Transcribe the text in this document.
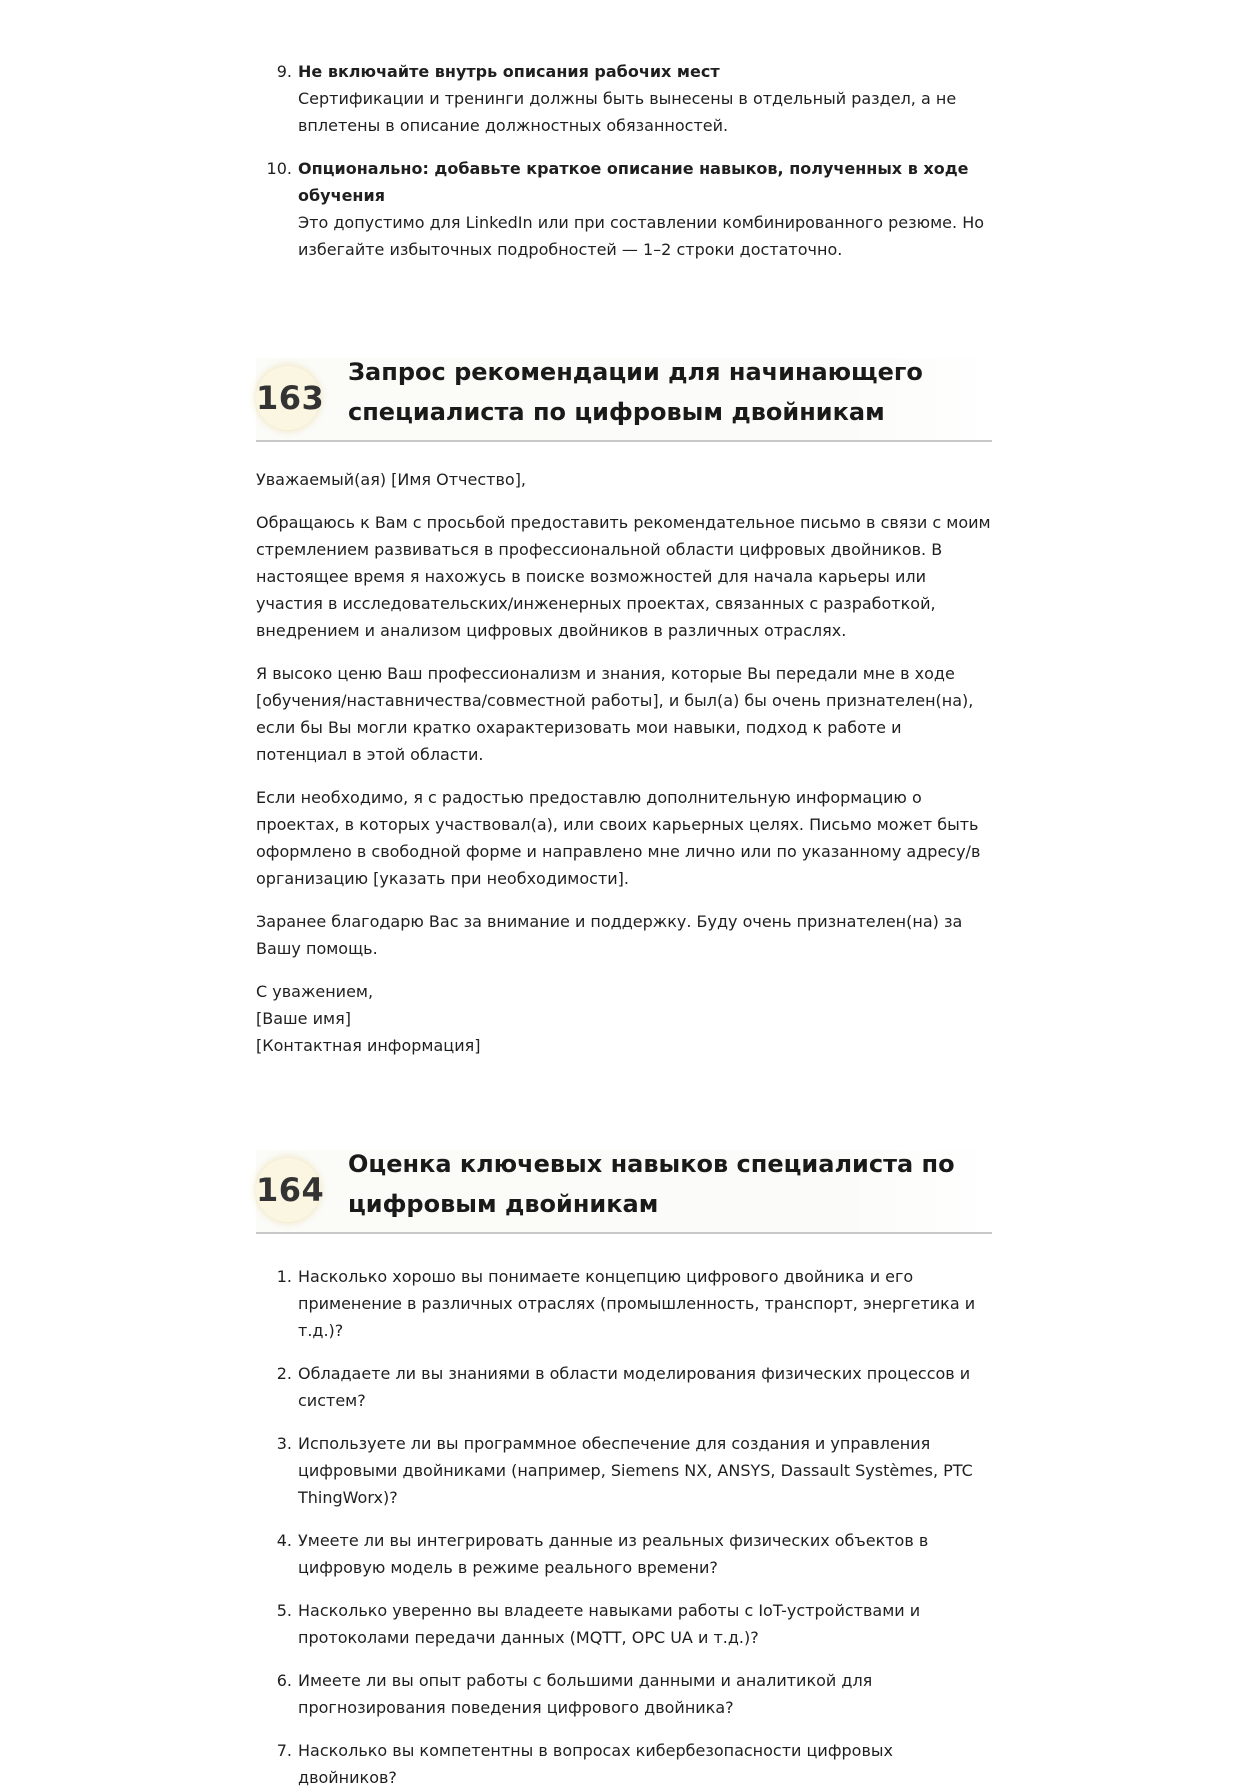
9. Не включайте внутрь описания рабочих мест
Сертификации и тренинги должны быть вынесены в отдельный раздел, а не вплетены в описание должностных обязанностей.
10. Опционально: добавьте краткое описание навыков, полученных в ходе обучения
Это допустимо для LinkedIn или при составлении комбинированного резюме. Но избегайте избыточных подробностей — 1–2 строки достаточно.
163
Запрос рекомендации для начинающего специалиста по цифровым двойникам

Уважаемый(ая) [Имя Отчество],

Обращаюсь к Вам с просьбой предоставить рекомендательное письмо в связи с моим стремлением развиваться в профессиональной области цифровых двойников. В настоящее время я нахожусь в поиске возможностей для начала карьеры или участия в исследовательских/инженерных проектах, связанных с разработкой, внедрением и анализом цифровых двойников в различных отраслях.

Я высоко ценю Ваш профессионализм и знания, которые Вы передали мне в ходе [обучения/наставничества/совместной работы], и был(а) бы очень признателен(на), если бы Вы могли кратко охарактеризовать мои навыки, подход к работе и потенциал в этой области.

Если необходимо, я с радостью предоставлю дополнительную информацию о проектах, в которых участвовал(а), или своих карьерных целях. Письмо может быть оформлено в свободной форме и направлено мне лично или по указанному адресу/в организацию [указать при необходимости].

Заранее благодарю Вас за внимание и поддержку. Буду очень признателен(на) за Вашу помощь.

С уважением,
[Ваше имя]
[Контактная информация]
164
Оценка ключевых навыков специалиста по цифровым двойникам
1. Насколько хорошо вы понимаете концепцию цифрового двойника и его применение в различных отраслях (промышленность, транспорт, энергетика и т.д.)?
2. Обладаете ли вы знаниями в области моделирования физических процессов и систем?
3. Используете ли вы программное обеспечение для создания и управления цифровыми двойниками (например, Siemens NX, ANSYS, Dassault Systèmes, PTC ThingWorx)?
4. Умеете ли вы интегрировать данные из реальных физических объектов в цифровую модель в режиме реального времени?
5. Насколько уверенно вы владеете навыками работы с IoT-устройствами и протоколами передачи данных (MQTT, OPC UA и т.д.)?
6. Имеете ли вы опыт работы с большими данными и аналитикой для прогнозирования поведения цифрового двойника?
7. Насколько вы компетентны в вопросах кибербезопасности цифровых двойников?
